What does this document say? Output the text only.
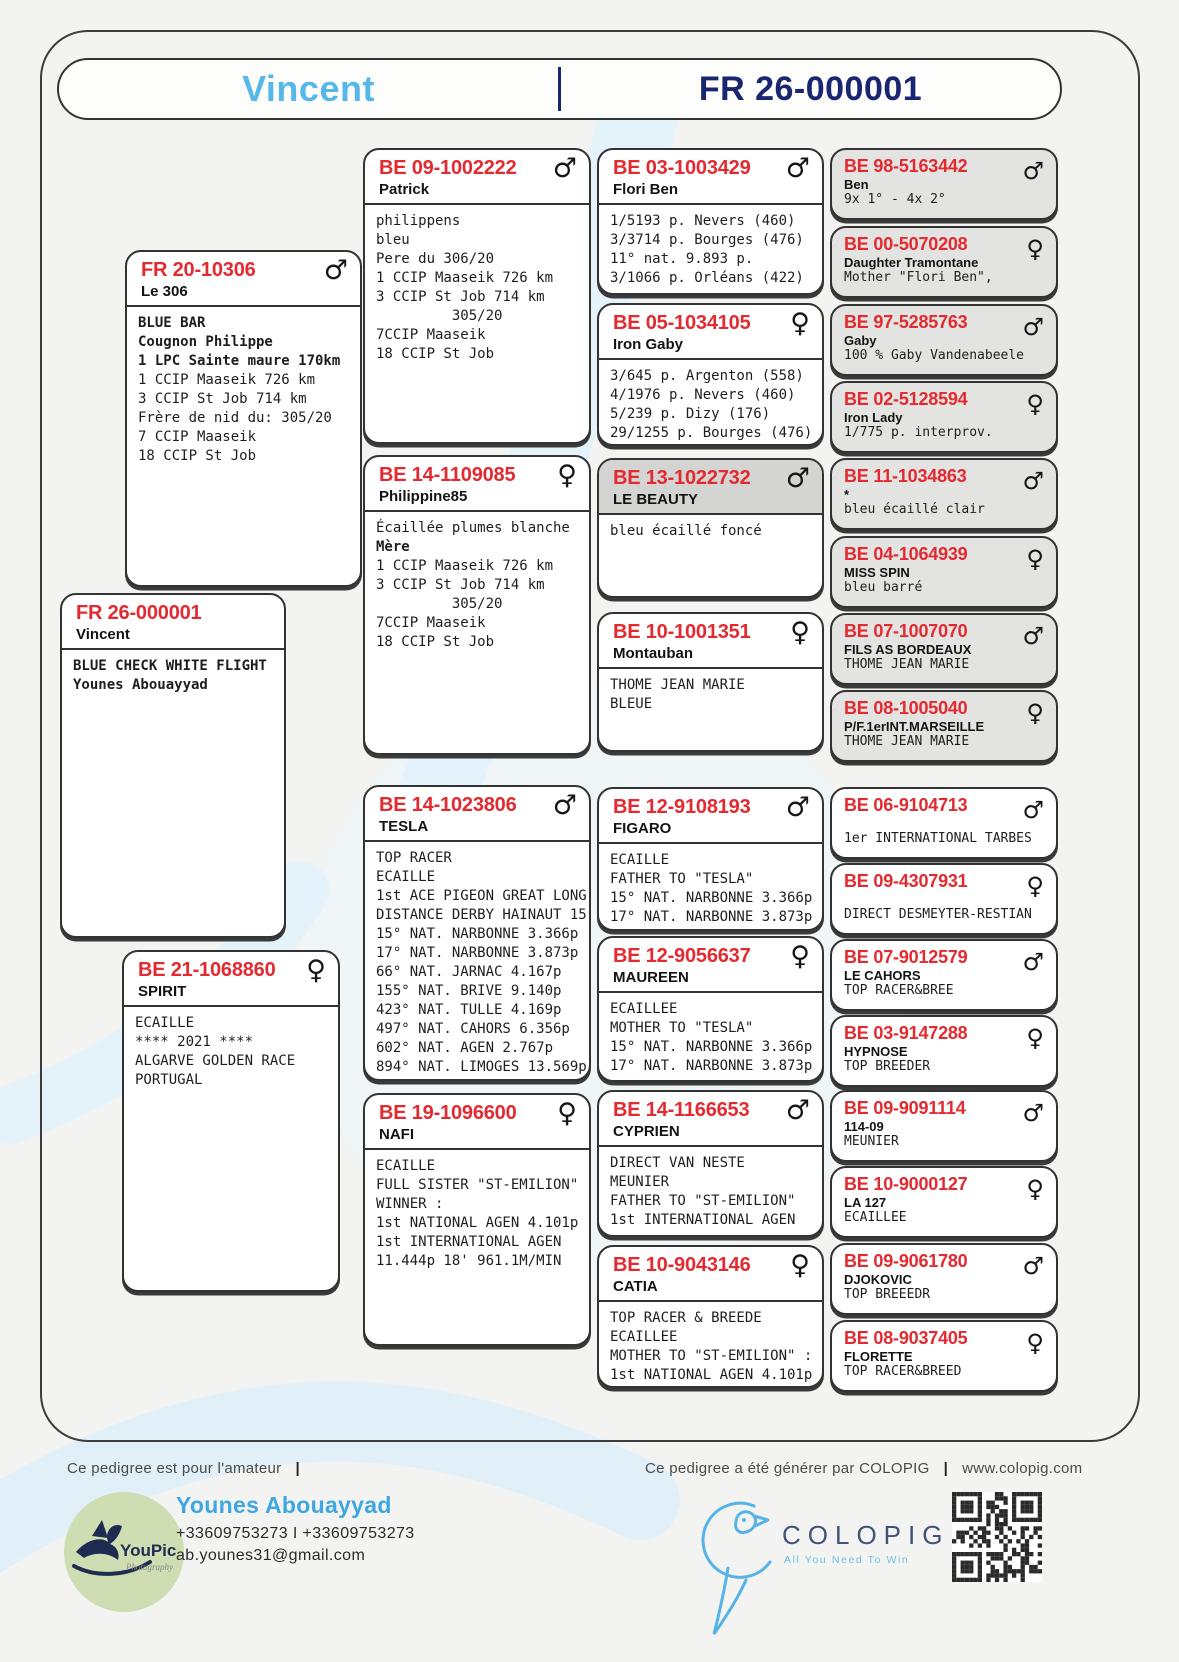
Vincent	FR 26-000001
♂
FR 20-10306
Le 306
BLUE BAR
Cougnon Philippe
1 LPC Sainte maure 170km
1 CCIP Maaseik 726 km
3 CCIP St Job 714 km
Frère de nid du: 305/20
7 CCIP Maaseik
18 CCIP St Job
FR 26-000001
Vincent
BLUE CHECK WHITE FLIGHT
Younes Abouayyad
♀
BE 21-1068860
SPIRIT
ECAILLE
**** 2021 ****
ALGARVE GOLDEN RACE
PORTUGAL
♂
BE 09-1002222
Patrick
philippens
bleu
Pere du 306/20
1 CCIP Maaseik 726 km
3 CCIP St Job 714 km
305/20
7CCIP Maaseik
18 CCIP St Job
♀
BE 14-1109085
Philippine85
Écaillée plumes blanche
Mère
1 CCIP Maaseik 726 km
3 CCIP St Job 714 km
305/20
7CCIP Maaseik
18 CCIP St Job
♂
BE 14-1023806
TESLA
TOP RACER
ECAILLE
1st ACE PIGEON GREAT LONG
DISTANCE DERBY HAINAUT 15
15° NAT. NARBONNE 3.366p
17° NAT. NARBONNE 3.873p
66° NAT. JARNAC 4.167p
155° NAT. BRIVE 9.140p
423° NAT. TULLE 4.169p
497° NAT. CAHORS 6.356p
602° NAT. AGEN 2.767p
894° NAT. LIMOGES 13.569p
♀
BE 19-1096600
NAFI
ECAILLE
FULL SISTER "ST-EMILION"
WINNER :
1st NATIONAL AGEN 4.101p
1st INTERNATIONAL AGEN
11.444p 18' 961.1M/MIN
♂
BE 03-1003429
Flori Ben
1/5193 p. Nevers (460)
3/3714 p. Bourges (476)
11° nat. 9.893 p.
3/1066 p. Orléans (422)
♀
BE 05-1034105
Iron Gaby
3/645 p. Argenton (558)
4/1976 p. Nevers (460)
5/239 p. Dizy (176)
29/1255 p. Bourges (476)
♂
BE 13-1022732
LE BEAUTY
bleu écaillé foncé
♀
BE 10-1001351
Montauban
THOME JEAN MARIE
BLEUE
♂
BE 12-9108193
FIGARO
ECAILLE
FATHER TO "TESLA"
15° NAT. NARBONNE 3.366p
17° NAT. NARBONNE 3.873p
♀
BE 12-9056637
MAUREEN
ECAILLEE
MOTHER TO "TESLA"
15° NAT. NARBONNE 3.366p
17° NAT. NARBONNE 3.873p
♂
BE 14-1166653
CYPRIEN
DIRECT VAN NESTE
MEUNIER
FATHER TO "ST-EMILION"
1st INTERNATIONAL AGEN
♀
BE 10-9043146
CATIA
TOP RACER & BREEDE
ECAILLEE
MOTHER TO "ST-EMILION" :
1st NATIONAL AGEN 4.101p
♂
BE 98-5163442
Ben
9x 1° - 4x 2°
♀
BE 00-5070208
Daughter Tramontane
Mother "Flori Ben",
♂
BE 97-5285763
Gaby
100 % Gaby Vandenabeele
♀
BE 02-5128594
Iron Lady
1/775 p. interprov.
♂
BE 11-1034863
*
bleu écaillé clair
♀
BE 04-1064939
MISS SPIN
bleu barré
♂
BE 07-1007070
FILS AS BORDEAUX
THOME JEAN MARIE
♀
BE 08-1005040
P/F.1erINT.MARSEILLE
THOME JEAN MARIE
♂
BE 06-9104713
1er INTERNATIONAL TARBES
♀
BE 09-4307931
DIRECT DESMEYTER-RESTIAN
♂
BE 07-9012579
LE CAHORS
TOP RACER&BREE
♀
BE 03-9147288
HYPNOSE
TOP BREEDER
♂
BE 09-9091114
114-09
MEUNIER
♀
BE 10-9000127
LA 127
ECAILLEE
♂
BE 09-9061780
DJOKOVIC
TOP BREEEDR
♀
BE 08-9037405
FLORETTE
TOP RACER&BREED
Ce pedigree est pour l'amateur |	Ce pedigree a été générer par COLOPIG | www.colopig.com
YouPic
Photography
Younes Abouayyad
+33609753273 I +33609753273
ab.younes31@gmail.com
COLOPIG
All You Need To Win
